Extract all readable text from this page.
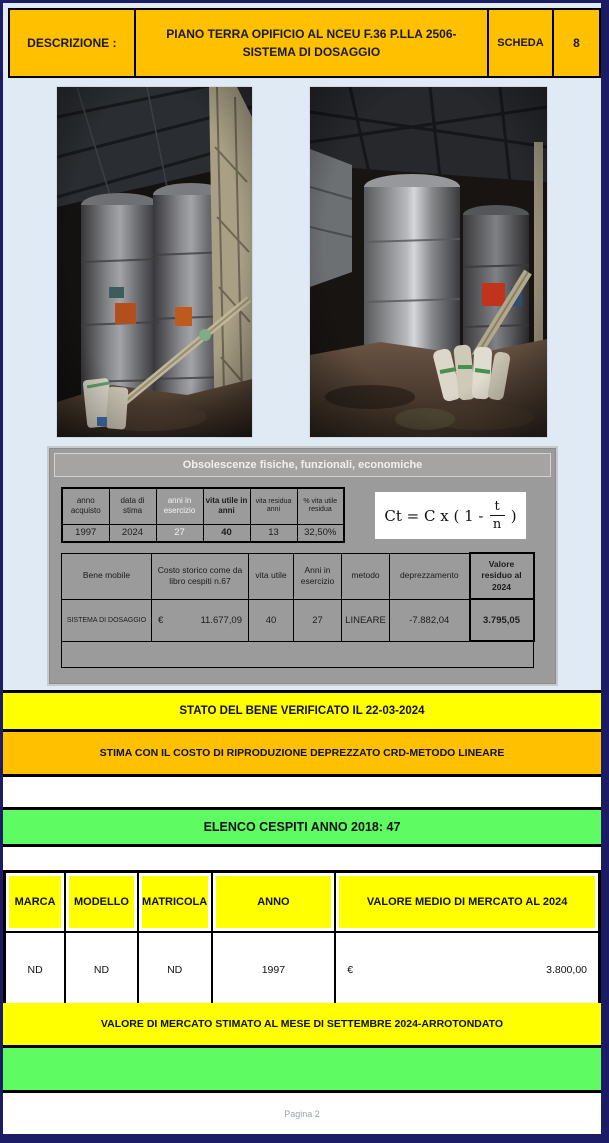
DESCRIZIONE :
PIANO TERRA OPIFICIO AL NCEU F.36 P.LLA 2506-
SISTEMA DI DOSAGGIO
SCHEDA	8
Obsolescenze fisiche, funzionali, economiche
anno acquisto	data di stima	anni in esercizio	vita utile in anni	vita residua anni	% vita utile residua
1997	2024	27	40	13	32,50%
Ct = C x ( $1 - \frac{t}{n}$ )
Bene mobile	Costo storico come da libro cespiti n.67	vita utile	Anni in esercizio	metodo	deprezzamento	Valore residuo al 2024
SISTEMA DI DOSAGGIO	€ 11.677,09	40	27	LINEARE	-7.882,04	3.795,05

STATO DEL BENE VERIFICATO IL 22-03-2024
STIMA CON IL COSTO DI RIPRODUZIONE DEPREZZATO CRD-METODO LINEARE
ELENCO CESPITI ANNO 2018: 47
MARCA	MODELLO	MATRICOLA	ANNO	VALORE MEDIO DI MERCATO AL 2024

ND	ND	ND	1997	€ 3.800,00
VALORE DI MERCATO STIMATO AL MESE DI SETTEMBRE 2024-ARROTONDATO
Pagina 2
